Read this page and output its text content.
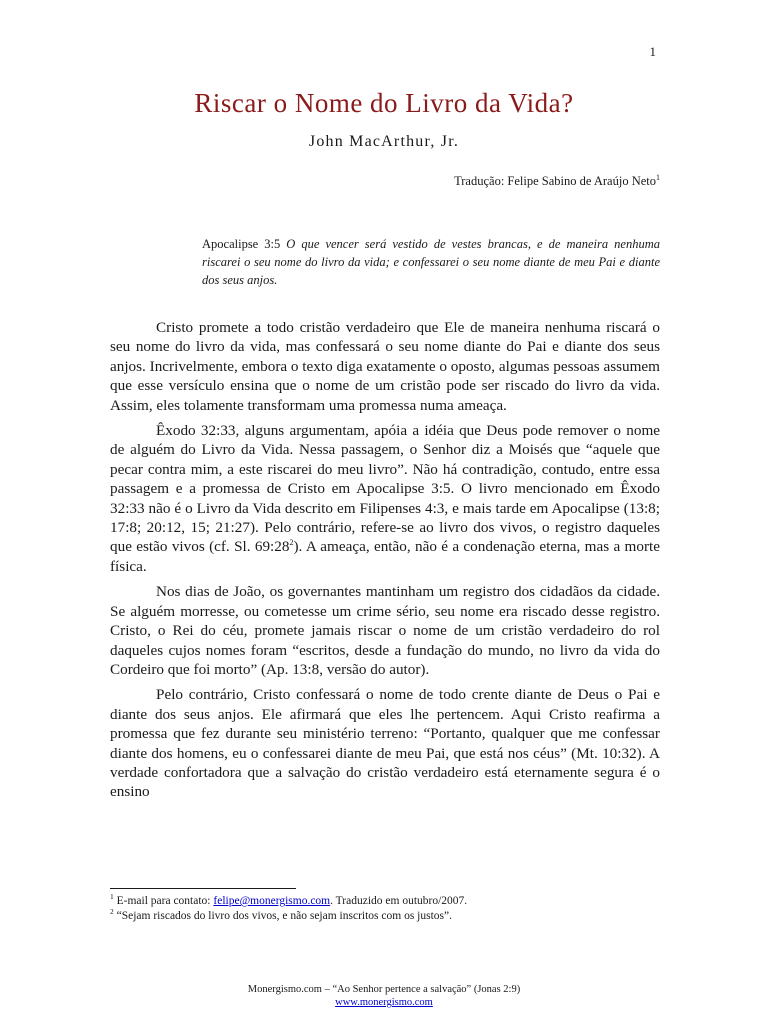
1
Riscar o Nome do Livro da Vida?
John MacArthur, Jr.
Tradução: Felipe Sabino de Araújo Neto$^1$
Apocalipse 3:5 O que vencer será vestido de vestes brancas, e de maneira nenhuma riscarei o seu nome do livro da vida; e confessarei o seu nome diante de meu Pai e diante dos seus anjos.

Cristo promete a todo cristão verdadeiro que Ele de maneira nenhuma riscará o seu nome do livro da vida, mas confessará o seu nome diante do Pai e diante dos seus anjos. Incrivelmente, embora o texto diga exatamente o oposto, algumas pessoas assumem que esse versículo ensina que o nome de um cristão pode ser riscado do livro da vida. Assim, eles tolamente transformam uma promessa numa ameaça.

Êxodo 32:33, alguns argumentam, apóia a idéia que Deus pode remover o nome de alguém do Livro da Vida. Nessa passagem, o Senhor diz a Moisés que “aquele que pecar contra mim, a este riscarei do meu livro”. Não há contradição, contudo, entre essa passagem e a promessa de Cristo em Apocalipse 3:5. O livro mencionado em Êxodo 32:33 não é o Livro da Vida descrito em Filipenses 4:3, e mais tarde em Apocalipse (13:8; 17:8; 20:12, 15; 21:27). Pelo contrário, refere-se ao livro dos vivos, o registro daqueles que estão vivos (cf. Sl. $69:28^2$). A ameaça, então, não é a condenação eterna, mas a morte física.

Nos dias de João, os governantes mantinham um registro dos cidadãos da cidade. Se alguém morresse, ou cometesse um crime sério, seu nome era riscado desse registro. Cristo, o Rei do céu, promete jamais riscar o nome de um cristão verdadeiro do rol daqueles cujos nomes foram “escritos, desde a fundação do mundo, no livro da vida do Cordeiro que foi morto” (Ap. 13:8, versão do autor).

Pelo contrário, Cristo confessará o nome de todo crente diante de Deus o Pai e diante dos seus anjos. Ele afirmará que eles lhe pertencem. Aqui Cristo reafirma a promessa que fez durante seu ministério terreno: “Portanto, qualquer que me confessar diante dos homens, eu o confessarei diante de meu Pai, que está nos céus” (Mt. 10:32). A verdade confortadora que a salvação do cristão verdadeiro está eternamente segura é o ensino

$^1$ E-mail para contato: felipe@monergismo.com. Traduzido em outubro/2007.
$^2$ “Sejam riscados do livro dos vivos, e não sejam inscritos com os justos”.
Monergismo.com – “Ao Senhor pertence a salvação” (Jonas 2:9)
www.monergismo.com
